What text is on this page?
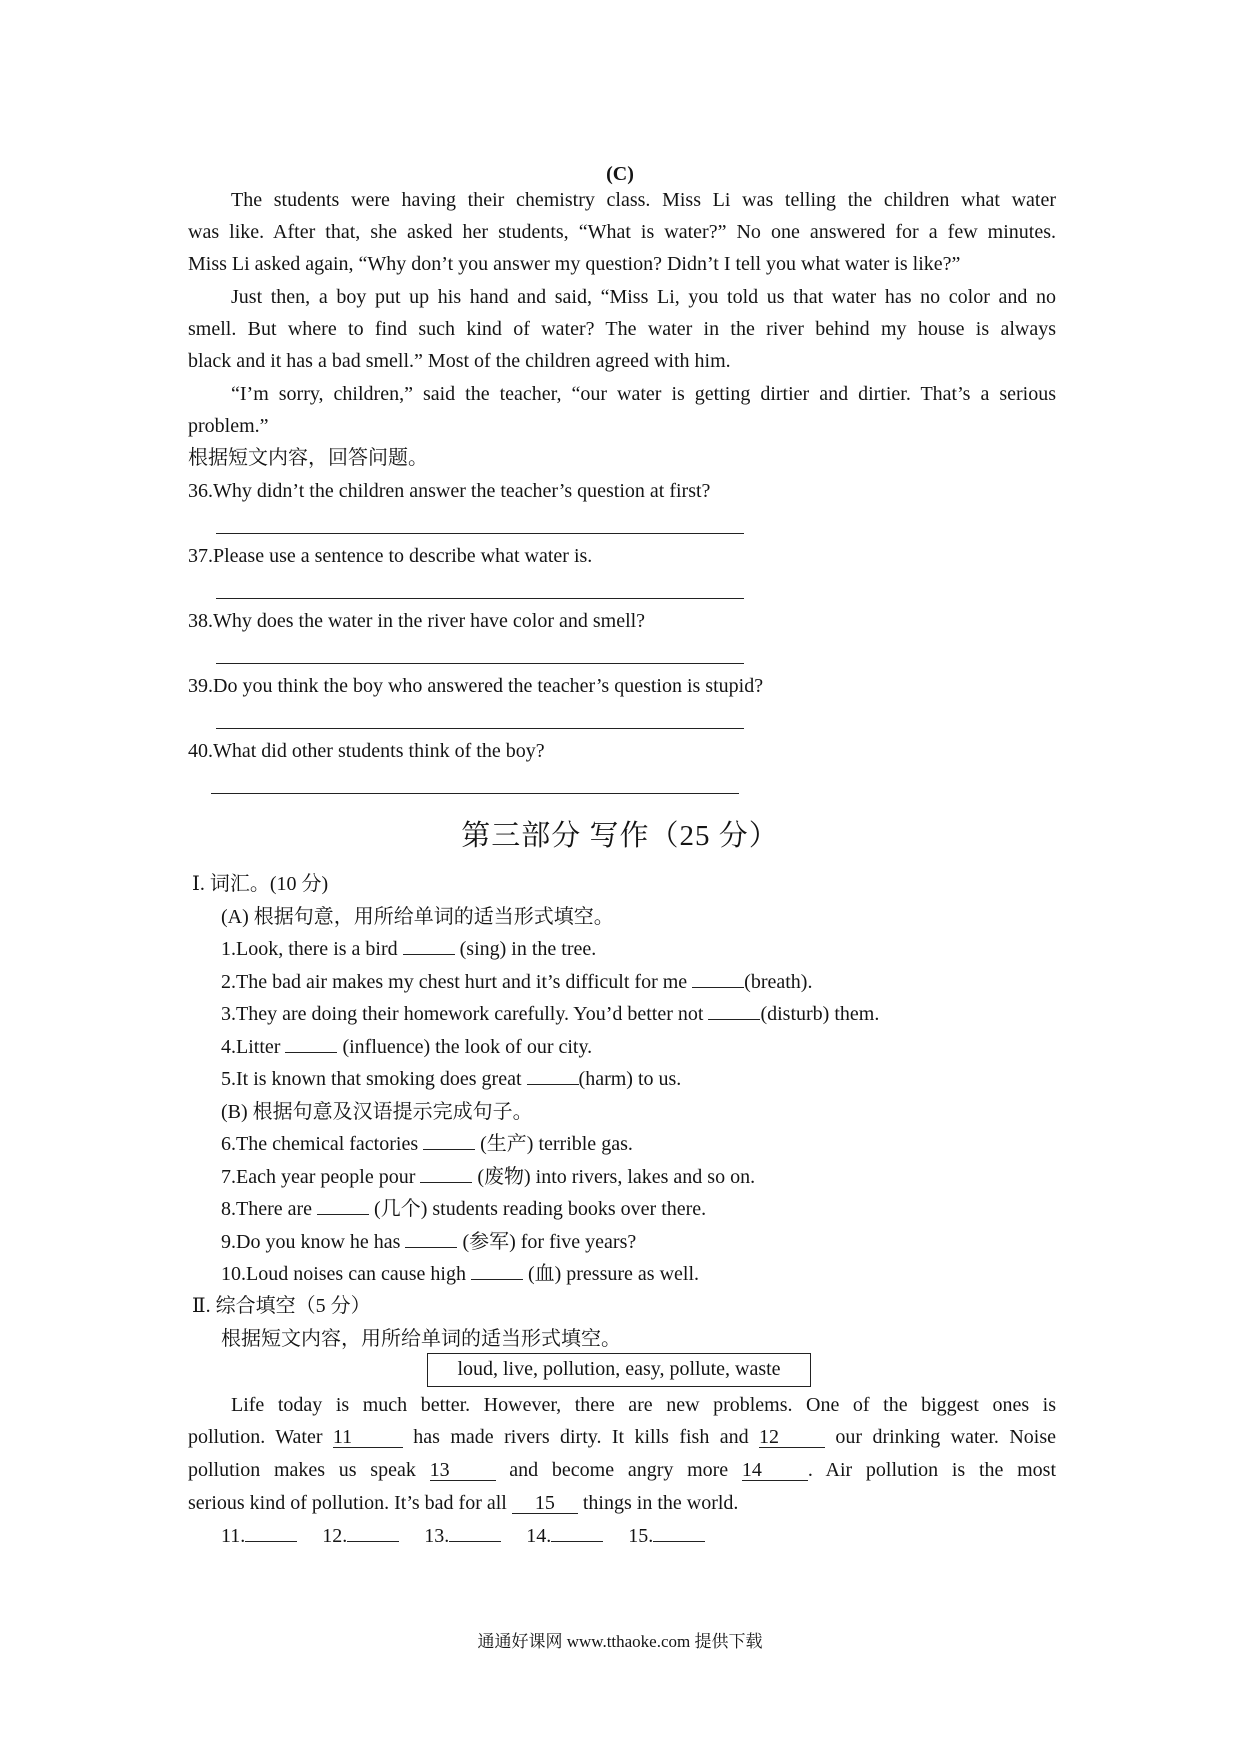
(C)
The students were having their chemistry class. Miss Li was telling the children what water
was like. After that, she asked her students, “What is water?” No one answered for a few minutes.
Miss Li asked again, “Why don’t you answer my question? Didn’t I tell you what water is like?”
Just then, a boy put up his hand and said, “Miss Li, you told us that water has no color and no
smell. But where to find such kind of water? The water in the river behind my house is always
black and it has a bad smell.” Most of the children agreed with him.
“I’m sorry, children,” said the teacher, “our water is getting dirtier and dirtier. That’s a serious
problem.”
根据短文内容，回答问题。
36.Why didn’t the children answer the teacher’s question at first?
37.Please use a sentence to describe what water is.
38.Why does the water in the river have color and smell?
39.Do you think the boy who answered the teacher’s question is stupid?
40.What did other students think of the boy?
第三部分 写作（25 分）
Ⅰ. 词汇。(10 分)
(A) 根据句意，用所给单词的适当形式填空。
1.Look, there is a bird	(sing) in the tree.
2.The bad air makes my chest hurt and it’s difficult for me	(breath).
3.They are doing their homework carefully. You’d better not	(disturb) them.
4.Litter	(influence) the look of our city.
5.It is known that smoking does great	(harm) to us.
(B) 根据句意及汉语提示完成句子。
6.The chemical factories	(生产) terrible gas.
7.Each year people pour	(废物) into rivers, lakes and so on.
8.There are	(几个) students reading books over there.
9.Do you know he has	(参军) for five years?
10.Loud noises can cause high	(血) pressure as well.
Ⅱ. 综合填空（5 分）
根据短文内容，用所给单词的适当形式填空。
loud, live, pollution, easy, pollute, waste
Life today is much better. However, there are new problems. One of the biggest ones is
pollution. Water 11	has made rivers dirty. It kills fish and 12 our drinking water. Noise
pollution makes us speak 13 and become angry more 14 . Air pollution is the most
serious kind of pollution. It’s bad for all 15 things in the world.
11.	12.	13.	14.	15.
通通好课网 www.tthaoke.com 提供下载
